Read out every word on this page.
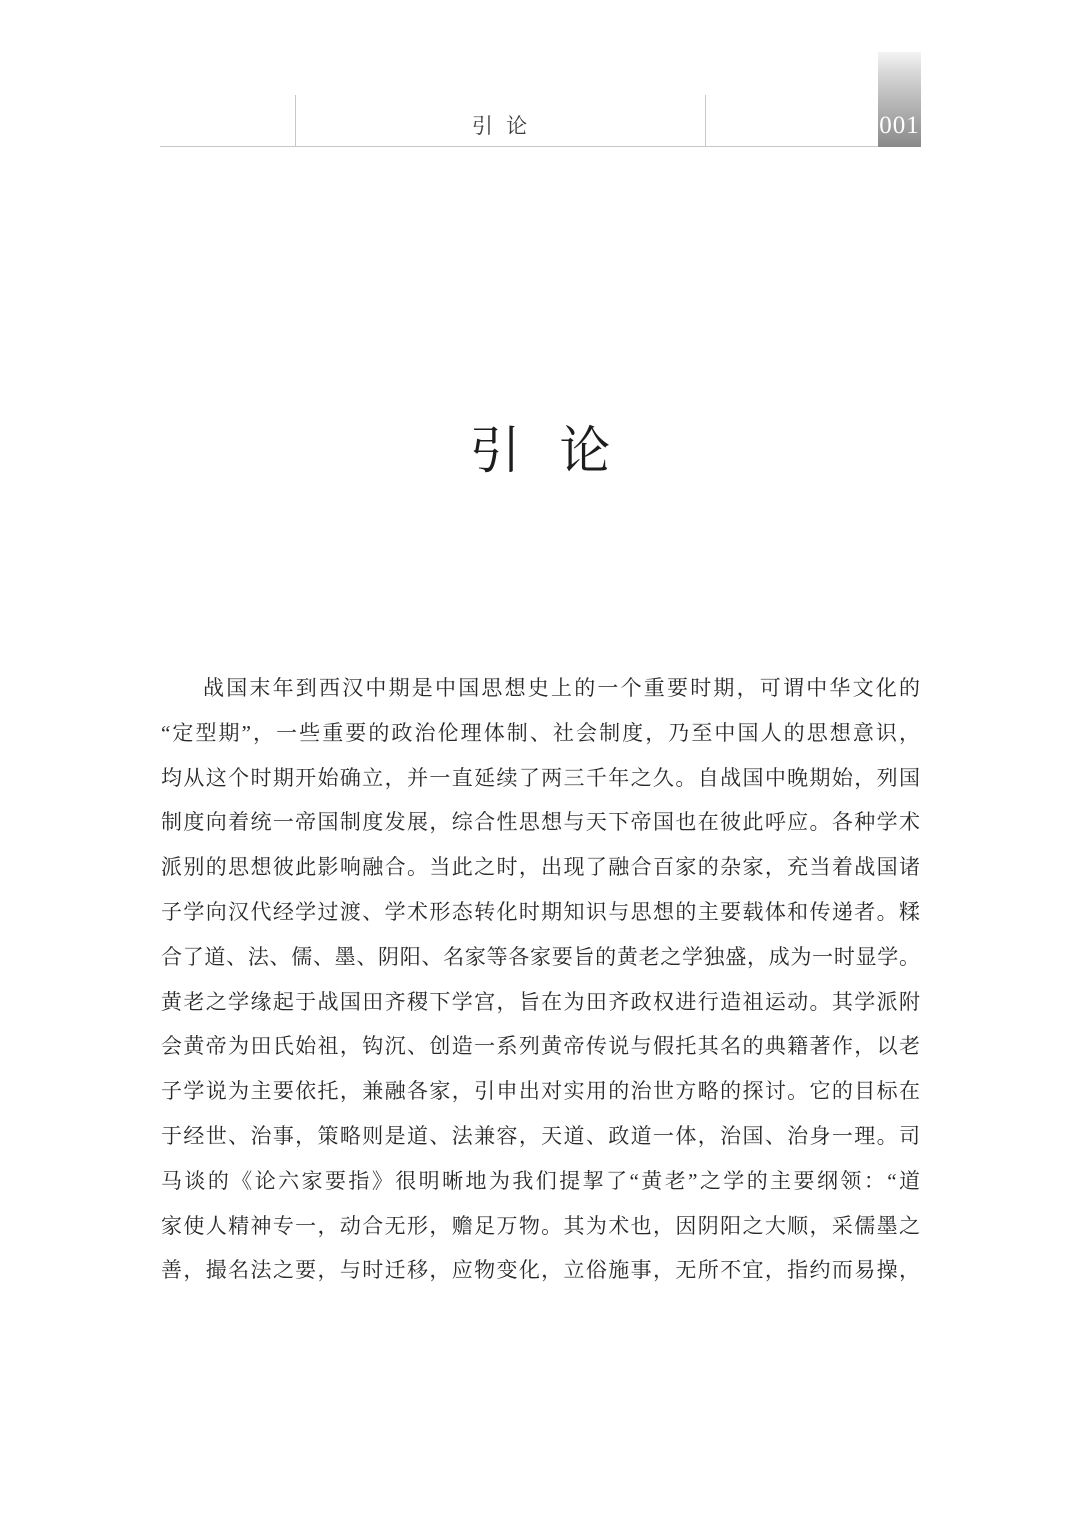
引 论	001
引 论
战国末年到西汉中期是中国思想史上的一个重要时期，可谓中华文化的
“定型期”，一些重要的政治伦理体制、社会制度，乃至中国人的思想意识，
均从这个时期开始确立，并一直延续了两三千年之久。自战国中晚期始，列国
制度向着统一帝国制度发展，综合性思想与天下帝国也在彼此呼应。各种学术
派别的思想彼此影响融合。当此之时，出现了融合百家的杂家，充当着战国诸
子学向汉代经学过渡、学术形态转化时期知识与思想的主要载体和传递者。糅
合了道、法、儒、墨、阴阳、名家等各家要旨的黄老之学独盛，成为一时显学。
黄老之学缘起于战国田齐稷下学宫，旨在为田齐政权进行造祖运动。其学派附
会黄帝为田氏始祖，钩沉、创造一系列黄帝传说与假托其名的典籍著作，以老
子学说为主要依托，兼融各家，引申出对实用的治世方略的探讨。它的目标在
于经世、治事，策略则是道、法兼容，天道、政道一体，治国、治身一理。司
马谈的《论六家要指》很明晰地为我们提挈了“黄老”之学的主要纲领：“道
家使人精神专一，动合无形，赡足万物。其为术也，因阴阳之大顺，采儒墨之
善，撮名法之要，与时迁移，应物变化，立俗施事，无所不宜，指约而易操，
